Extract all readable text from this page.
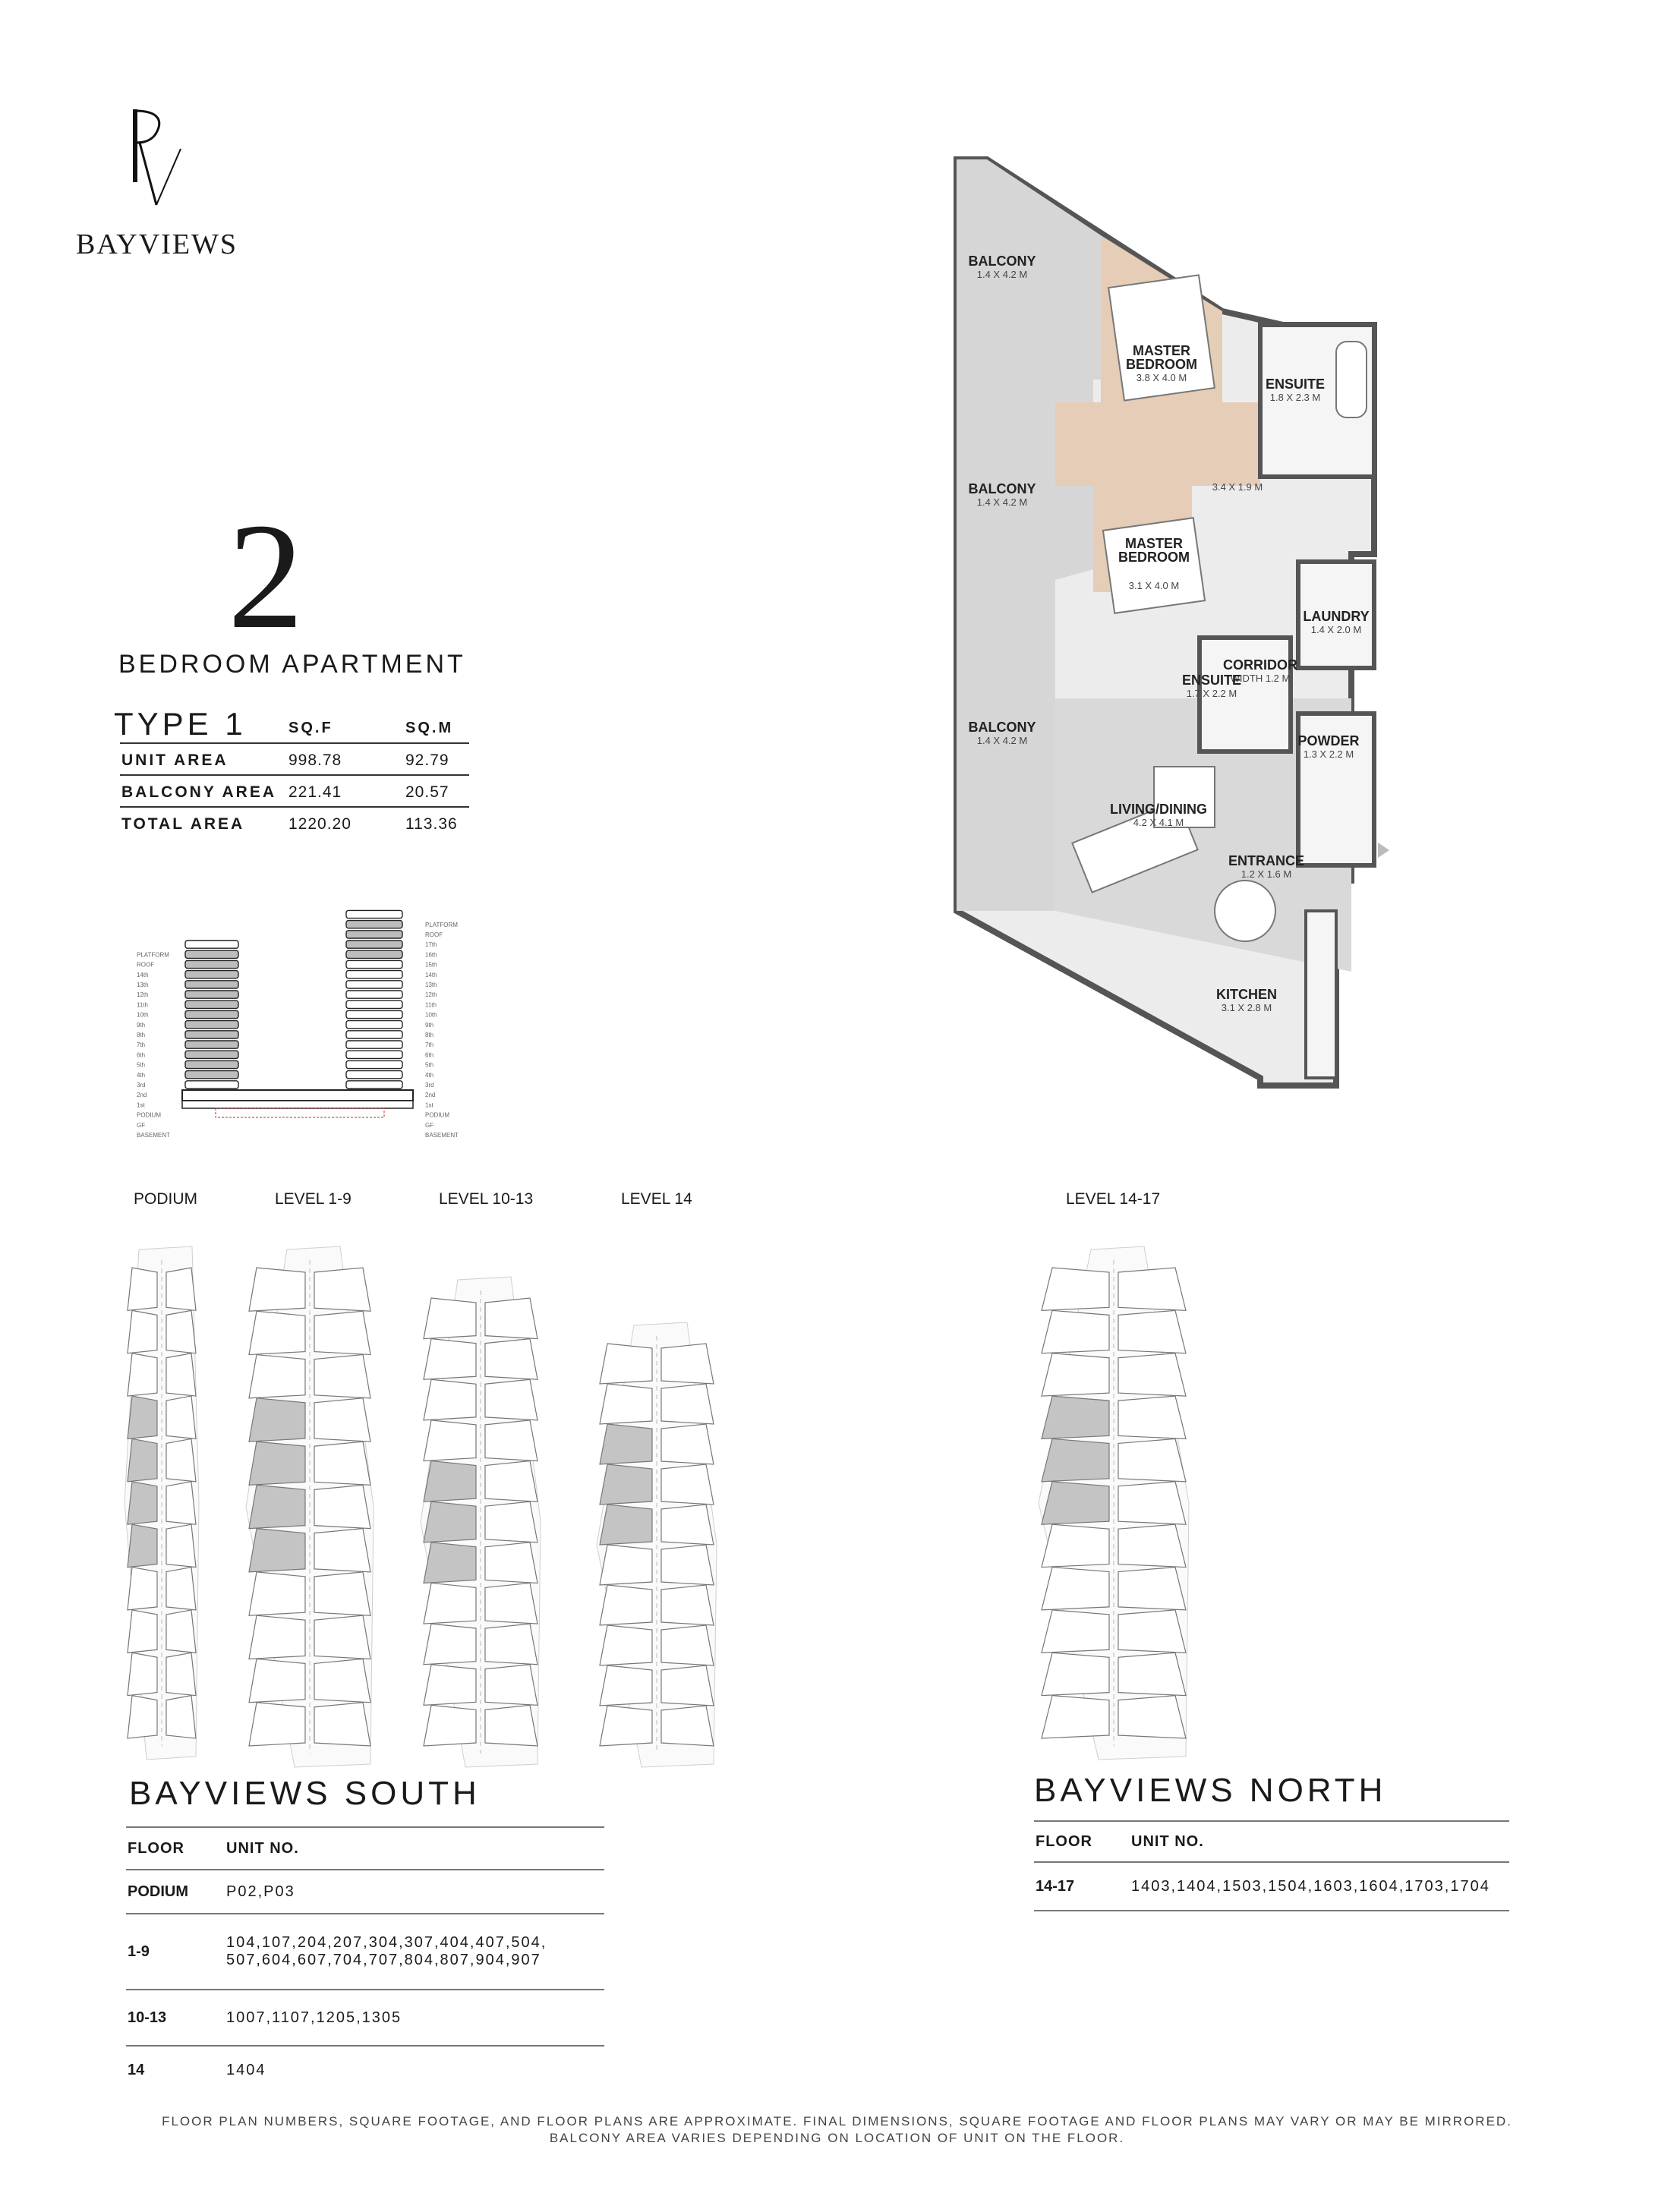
BAYVIEWS
2
BEDROOM APARTMENT
TYPE 1	SQ.F	SQ.M
UNIT AREA	998.78	92.79
BALCONY AREA 221.41	20.57
TOTAL AREA	1220.20	113.36
PLATFORM
ROOF
14th
13th
12th
11th
10th
9th
8th
7th
6th
5th
4th
3rd
2nd
1st
PODIUM
GF
BASEMENT
PLATFORM
ROOF
17th
16th
15th
14th
13th
12th
11th
10th
9th
8th
7th
6th
5th
4th
3rd
2nd
1st
PODIUM
GF
BASEMENT
BALCONY
1.4 X 4.2 M
MASTER
BEDROOM
3.8 X 4.0 M	ENSUITE
1.8 X 2.3 M
BALCONY
1.4 X 4.2 M
3.4 X 1.9 M
MASTER
BEDROOM
3.1 X 4.0 M
LAUNDRY
1.4 X 2.0 M
CORRIDOR
WIDTH 1.2 M
ENSUITE
1.7 X 2.2 M
BALCONY
1.4 X 4.2 M	POWDER
1.3 X 2.2 M
LIVING/DINING
4.2 X 4.1 M
ENTRANCE
1.2 X 1.6 M
KITCHEN
3.1 X 2.8 M
PODIUM	LEVEL 1-9	LEVEL 10-13	LEVEL 14	LEVEL 14-17
BAYVIEWS SOUTH
FLOOR	UNIT NO.
PODIUM	P02,P03
1-9	104,107,204,207,304,307,404,407,504,
507,604,607,704,707,804,807,904,907

10-13	1007,1107,1205,1305
14	1404
BAYVIEWS NORTH
FLOOR	UNIT NO.
14-17	1403,1404,1503,1504,1603,1604,1703,1704
FLOOR PLAN NUMBERS, SQUARE FOOTAGE, AND FLOOR PLANS ARE APPROXIMATE. FINAL DIMENSIONS, SQUARE FOOTAGE AND FLOOR PLANS MAY VARY OR MAY BE MIRRORED.
BALCONY AREA VARIES DEPENDING ON LOCATION OF UNIT ON THE FLOOR.
